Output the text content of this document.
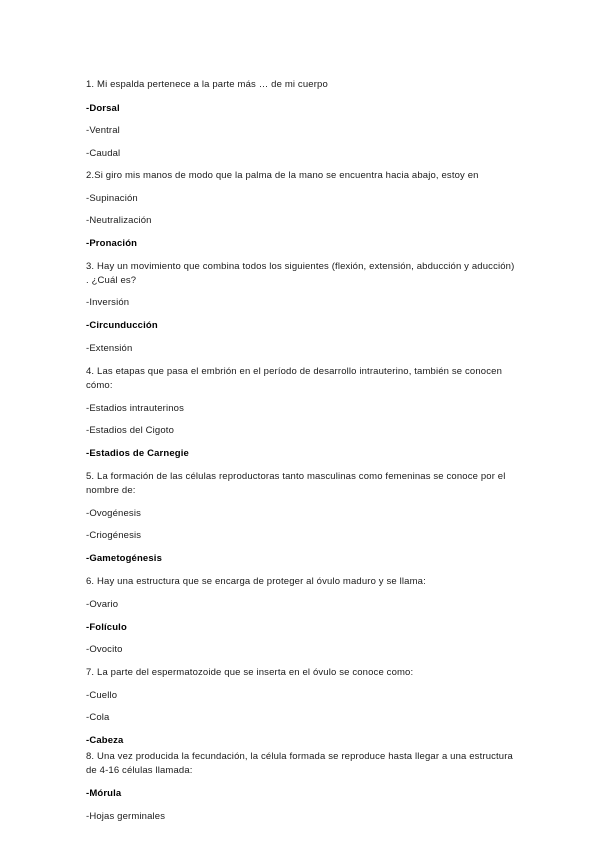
1. Mi espalda pertenece a la parte más … de mi cuerpo
-Dorsal
-Ventral
-Caudal
2.Si giro mis manos de modo que la palma de la mano se encuentra hacia abajo, estoy en
-Supinación
-Neutralización
-Pronación
3. Hay un movimiento que combina todos los siguientes (flexión, extensión, abducción y aducción) . ¿Cuál es?
-Inversión
-Circunducción
-Extensión
4. Las etapas que pasa el embrión en el período de desarrollo intrauterino, también se conocen cómo:
-Estadios intrauterinos
-Estadios del Cigoto
-Estadios de Carnegie
5. La formación de las células reproductoras tanto masculinas como femeninas se conoce por el nombre de:
-Ovogénesis
-Criogénesis
-Gametogénesis
6. Hay una estructura que se encarga de proteger al óvulo maduro y se llama:
-Ovario
-Folículo
-Ovocito
7. La parte del espermatozoide que se inserta en el óvulo se conoce como:
-Cuello
-Cola
-Cabeza
8. Una vez producida la fecundación, la célula formada se reproduce hasta llegar a una estructura de 4-16 células llamada:
-Mórula
-Hojas germinales
